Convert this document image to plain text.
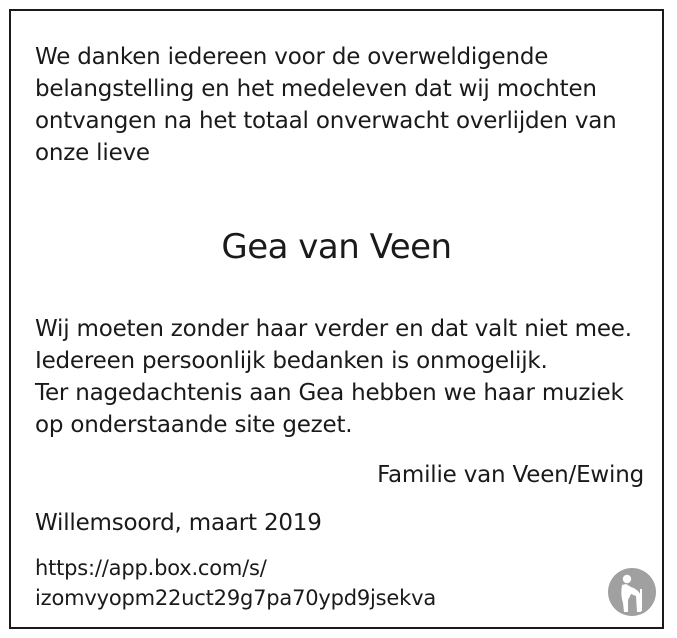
We danken iedereen voor de overweldigende
belangstelling en het medeleven dat wij mochten
ontvangen na het totaal onverwacht overlijden van
onze lieve
Gea van Veen
Wij moeten zonder haar verder en dat valt niet mee.
Iedereen persoonlijk bedanken is onmogelijk.
Ter nagedachtenis aan Gea hebben we haar muziek
op onderstaande site gezet.
Familie van Veen/Ewing
Willemsoord, maart 2019
https://app.box.com/s/
izomvyopm22uct29g7pa70ypd9jsekva
